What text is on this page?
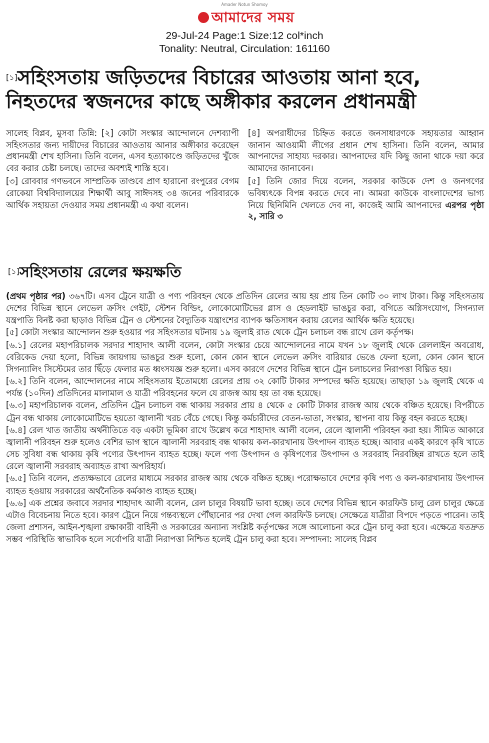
Amader Notun Shomoy
আমাদের সময়
29-Jul-24 Page:1 Size:12 col*inch
Tonality: Neutral, Circulation: 161160
[১]সহিংসতায় জড়িতদের বিচারের আওতায় আনা হবে,
নিহতদের স্বজনদের কাছে অঙ্গীকার করলেন প্রধানমন্ত্রী

সালেহ বিপ্লব, মুসবা তিন্নি: [২] কোটা সংস্কার আন্দোলনে দেশব্যাপী সহিংসতার জন্য দায়ীদের বিচারের আওতায় আনার অঙ্গীকার করেছেন প্রধানমন্ত্রী শেখ হাসিনা। তিনি বলেন, এসব হত্যাকাণ্ডে জড়িতদের খুঁজে বের করার চেষ্টা চলছে। তাদের অবশ্যই শাস্তি হবে।

[৩] রোববার গণভবনে সাম্প্রতিক তাণ্ডবে প্রাণ হারানো রংপুরের বেগম রোকেয়া বিশ্ববিদ্যালয়ের শিক্ষার্থী আবু সাঈদসহ ৩৪ জনের পরিবারকে আর্থিক সহায়তা দেওয়ার সময় প্রধানমন্ত্রী এ কথা বলেন।

[৪] অপরাধীদের চিহ্নিত করতে জনসাধারণকে সহায়তার আহ্বান জানান আওয়ামী লীগের প্রধান শেখ হাসিনা। তিনি বলেন, আমার আপনাদের সাহায্য দরকার। আপনাদের যদি কিছু জানা থাকে দয়া করে আমাদের জানাবেন।

[৫] তিনি জোর দিয়ে বলেন, সরকার কাউকে দেশ ও জনগণের ভবিষ্যৎকে বিপন্ন করতে দেবে না। আমরা কাউকে বাংলাদেশের ভাগ্য নিয়ে ছিনিমিনি খেলতে দেব না, কাজেই আমি আপনাদের এরপর পৃষ্ঠা ২, সারি ৩

[১]সহিংসতায় রেলের ক্ষয়ক্ষতি

(প্রথম পৃষ্ঠার পর) ৩৬৭টি। এসব ট্রেনে যাত্রী ও পণ্য পরিবহন থেকে প্রতিদিন রেলের আয় হয় প্রায় তিন কোটি ৩০ লাখ টাকা। কিন্তু সহিংসতায় দেশের বিভিন্ন স্থানে লেভেল ক্রসিং গেইট, স্টেশন বিল্ডিং, লোকোমোটিভের গ্লাস ও হেডলাইট ভাঙচুর করা, বগিতে অগ্নিসংযোগ, সিগন্যাল যন্ত্রপাতি বিনষ্ট করা ছাড়াও বিভিন্ন ট্রেন ও স্টেশনের বৈদ্যুতিক যন্ত্রাংশের ব্যাপক ক্ষতিসাধন করায় রেলের আর্থিক ক্ষতি হয়েছে।

[৫] কোটা সংস্কার আন্দোলন শুরু হওয়ার পর সহিংসতার ঘটনায় ১৯ জুলাই রাত থেকে ট্রেন চলাচল বন্ধ রাখে রেল কর্তৃপক্ষ।

[৬.১] রেলের মহাপরিচালক সরদার শাহাদাৎ আলী বলেন, কোটা সংস্কার চেয়ে আন্দোলনের নামে যখন ১৮ জুলাই থেকে রেললাইন অবরোধ, বেরিকেড দেয়া হলো, বিভিন্ন জায়গায় ভাঙচুর শুরু হলো, কোন কোন স্থানে লেভেল ক্রসিং বারিয়ার ভেঙে ফেলা হলো, কোন কোন স্থানে সিগন্যালিং সিস্টেমের তার ছিঁড়ে ফেলার মত ধ্বংসযজ্ঞ শুরু হলো। এসব কারণে দেশের বিভিন্ন স্থানে ট্রেন চলাচলের নিরাপত্তা বিঘ্নিত হয়।

[৬.২] তিনি বলেন, আন্দোলনের নামে সহিংসতায় ইতোমধ্যে রেলের প্রায় ৩২ কোটি টাকার সম্পদের ক্ষতি হয়েছে। তাছাড়া ১৯ জুলাই থেকে এ পর্যন্ত (১০দিন) প্রতিদিনের মালামাল ও যাত্রী পরিবহনের ফলে যে রাজস্ব আয় হয় তা বন্ধ হয়েছে।

[৬.৩] মহাপরিচালক বলেন, প্রতিদিন ট্রেন চলাচল বন্ধ থাকায় সরকার প্রায় ৪ থেকে ৫ কোটি টাকার রাজস্ব আয় থেকে বঞ্চিত হয়েছে। বিপরীতে ট্রেন বন্ধ থাকায় লোকোমোটিভে হয়তো জ্বালানী খরচ বেঁচে গেছে। কিন্তু কর্মচারীদের বেতন-ভাতা, সংস্কার, স্থাপনা বায় কিন্তু বহন করতে হচ্ছে।

[৬.৪] রেল খাত জাতীয় অর্থনীতিতে বড় একটা ভূমিকা রাখে উল্লেখ করে শাহাদাৎ আলী বলেন, রেলে জ্বালানী পরিবহন করা হয়। সীমিত আকারে জ্বালানী পরিবহন শুরু হলেও বেশির ভাগ স্থানে জ্বালানী সরবরাহ বন্ধ থাকায় কল-কারখানায় উৎপাদন ব্যাহত হচ্ছে। আবার একই কারণে কৃষি খাতে সেচ সুবিধা বন্ধ থাকায় কৃষি পণ্যের উৎপাদন ব্যাহত হচ্ছে। ফলে পণ্য উৎপাদন ও কৃষিপণ্যের উৎপাদন ও সরবরাহ নিরবচ্ছিন্ন রাখতে হলে তাই রেলে জ্বালানী সরবরাহ অব্যাহত রাখা অপরিহার্য।

[৬.৫] তিনি বলেন, প্রত্যক্ষভাবে রেলের মাধ্যমে সরকার রাজস্ব আয় থেকে বঞ্চিত হচ্ছে। পরোক্ষভাবে দেশের কৃষি পণ্য ও কল-কারখানায় উৎপাদন ব্যাহত হওয়ায় সরকারের অর্থনৈতিক কর্মকাণ্ড ব্যাহত হচ্ছে।

[৬.৬] এক প্রশ্নের জবাবে সরদার শাহাদাৎ আলী বলেন, রেল চালুর বিষয়টি ভাবা হচ্ছে। তবে দেশের বিভিন্ন স্থানে কারফিউ চালু রেল চালুর ক্ষেত্রে এটাও বিবেচনায় নিতে হবে। কারণ ট্রেনে নিয়ে গন্তব্যস্থলে পৌঁছানোর পর দেখা গেল কারফিউ চলছে। সেক্ষেত্রে যাত্রীরা বিপদে পড়তে পারেন। তাই জেলা প্রশাসন, আইন-শৃঙ্খলা রক্ষাকারী বাহিনী ও সরকারের অন্যান্য সংশ্লিষ্ট কর্তৃপক্ষের সঙ্গে আলোচনা করে ট্রেন চালু করা হবে। এক্ষেত্রে যতদ্রুত সম্ভব পরিস্থিতি স্বাভাবিক হলে সর্বোপরি যাত্রী নিরাপত্তা নিশ্চিত হলেই ট্রেন চালু করা হবে। সম্পাদনা: সালেহ বিপ্লব
